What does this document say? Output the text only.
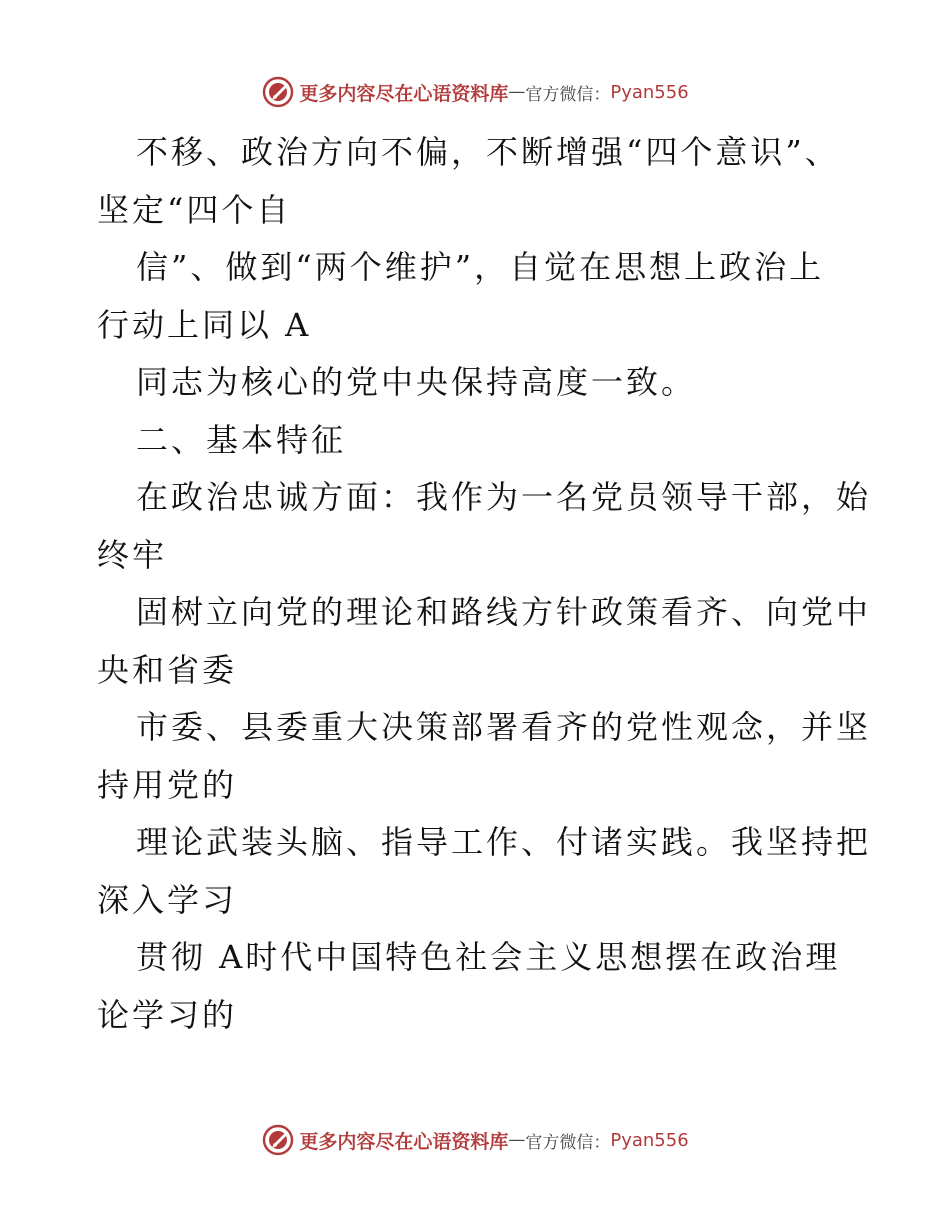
更多内容尽在心语资料库 — 官方微信： Pyan556
不移、政治方向不偏，不断增强“四个意识”、
坚定“四个自
信”、做到“两个维护”，自觉在思想上政治上
行动上同以 A
同志为核心的党中央保持高度一致。
二、基本特征
在政治忠诚方面：我作为一名党员领导干部，始
终牢
固树立向党的理论和路线方针政策看齐、向党中
央和省委
市委、县委重大决策部署看齐的党性观念，并坚
持用党的
理论武装头脑、指导工作、付诸实践。我坚持把
深入学习
贯彻 A时代中国特色社会主义思想摆在政治理
论学习的
更多内容尽在心语资料库 — 官方微信： Pyan556
